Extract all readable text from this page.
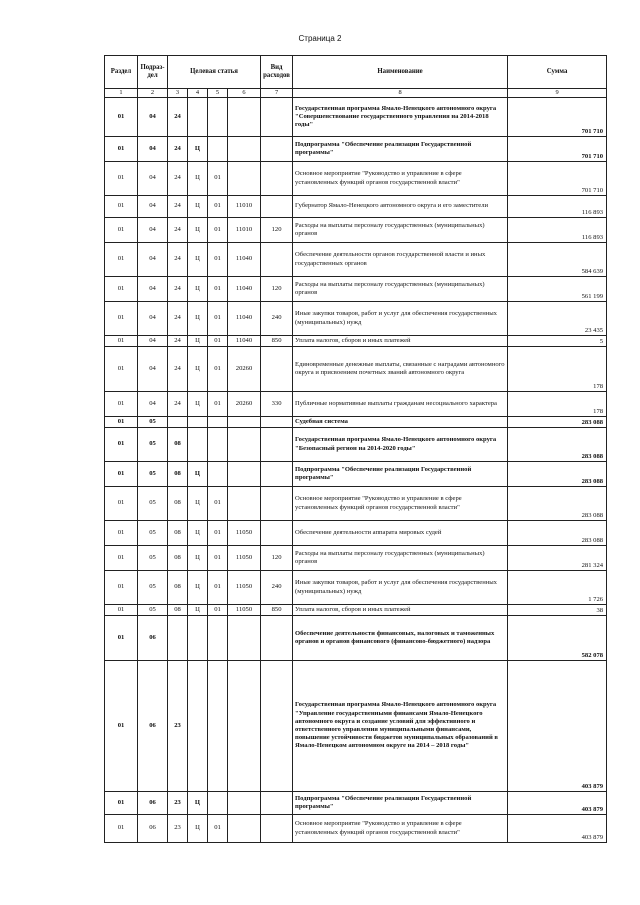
Страница 2
Раздел	Подраз-дел	Целевая статья				Вид расходов	Наименование	Сумма
1	2	3	4	5	6	7	8	9
01	04	24					Государственная программа Ямало-Ненецкого автономного округа "Совершенствование государственного управления на 2014-2018 годы"	701 710
01	04	24	Ц				Подпрограмма "Обеспечение реализации Государственной программы"	701 710
01	04	24	Ц	01			Основное мероприятие "Руководство и управление в сфере установленных функций органов государственной власти"	701 710
01	04	24	Ц	01	11010		Губернатор Ямало-Ненецкого автономного округа и его заместители	116 893
01	04	24	Ц	01	11010	120	Расходы на выплаты персоналу государственных (муниципальных) органов	116 893
01	04	24	Ц	01	11040		Обеспечение деятельности органов государственной власти и иных государственных органов	584 639
01	04	24	Ц	01	11040	120	Расходы на выплаты персоналу государственных (муниципальных) органов	561 199
01	04	24	Ц	01	11040	240	Иные закупки товаров, работ и услуг для обеспечения государственных (муниципальных) нужд	23 435
01	04	24	Ц	01	11040	850	Уплата налогов, сборов и иных платежей	5
01	04	24	Ц	01	20260		Единовременные денежные выплаты, связанные с наградами автономного округа и присвоением почетных званий автономного округа	178
01	04	24	Ц	01	20260	330	Публичные нормативные выплаты гражданам несоциального характера	178
01	05						Судебная система	283 088
01	05	08					Государственная программа Ямало-Ненецкого автономного округа "Безопасный регион на 2014-2020 годы"	283 088
01	05	08	Ц				Подпрограмма "Обеспечение реализации Государственной программы"	283 088
01	05	08	Ц	01			Основное мероприятие "Руководство и управление в сфере установленных функций органов государственной власти"	283 088
01	05	08	Ц	01	11050		Обеспечение деятельности аппарата мировых судей	283 088
01	05	08	Ц	01	11050	120	Расходы на выплаты персоналу государственных (муниципальных) органов	281 324
01	05	08	Ц	01	11050	240	Иные закупки товаров, работ и услуг для обеспечения государственных (муниципальных) нужд	1 726
01	05	08	Ц	01	11050	850	Уплата налогов, сборов и иных платежей	38
01	06						Обеспечение деятельности финансовых, налоговых и таможенных органов и органов финансового (финансово-бюджетного) надзора	582 078
01	06	23					Государственная программа Ямало-Ненецкого автономного округа "Управление государственными финансами Ямало-Ненецкого автономного округа и создание условий для эффективного и ответственного управления муниципальными финансами, повышение устойчивости бюджетов муниципальных образований в Ямало-Ненецком автономном округе на 2014 – 2018 годы"	403 879
01	06	23	Ц				Подпрограмма "Обеспечение реализации Государственной программы"	403 879
01	06	23	Ц	01			Основное мероприятие "Руководство и управление в сфере установленных функций органов государственной власти"	403 879
